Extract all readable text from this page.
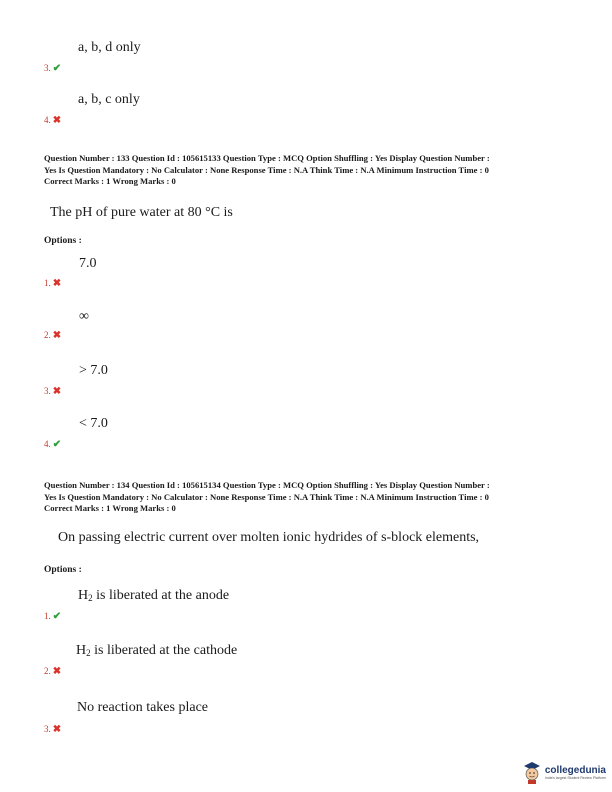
a, b, d only
3. ✔
a, b, c only
4. ✖
Question Number : 133 Question Id : 105615133 Question Type : MCQ Option Shuffling : Yes Display Question Number :
Yes Is Question Mandatory : No Calculator : None Response Time : N.A Think Time : N.A Minimum Instruction Time : 0
Correct Marks : 1 Wrong Marks : 0
The pH of pure water at 80 °C is
Options :
7.0
1. ✖
∞
2. ✖
> 7.0
3. ✖
< 7.0
4. ✔
Question Number : 134 Question Id : 105615134 Question Type : MCQ Option Shuffling : Yes Display Question Number :
Yes Is Question Mandatory : No Calculator : None Response Time : N.A Think Time : N.A Minimum Instruction Time : 0
Correct Marks : 1 Wrong Marks : 0
On passing electric current over molten ionic hydrides of s-block elements,
Options :
$H_2$ is liberated at the anode
1. ✔
$H_2$ is liberated at the cathode
2. ✖
No reaction takes place
3. ✖
collegedunia
India's largest Student Review Platform
